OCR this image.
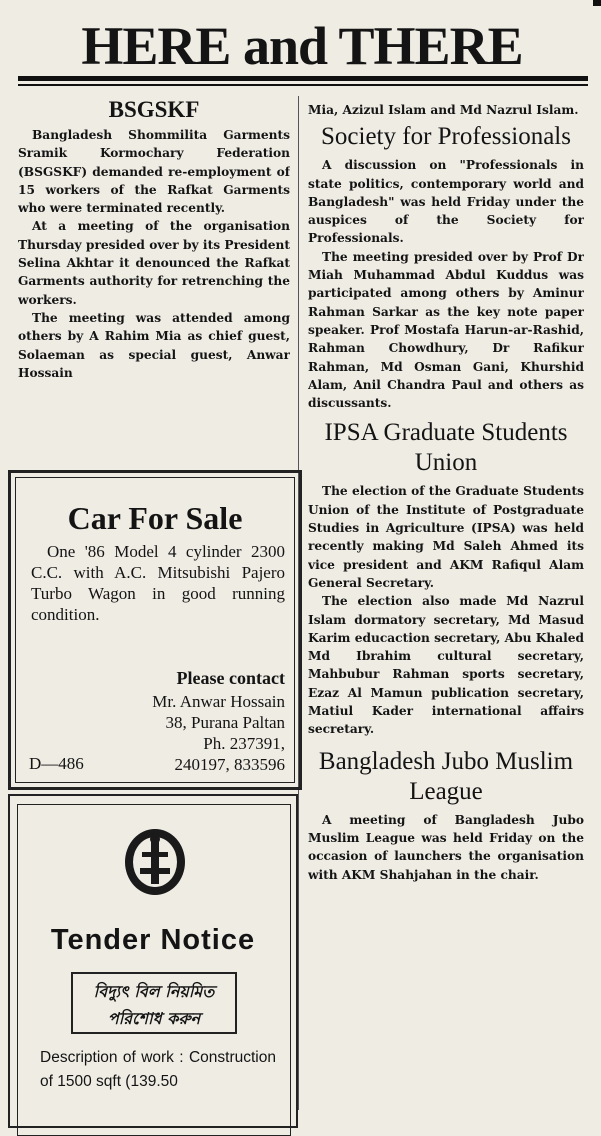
HERE and THERE
BSGSKF

Bangladesh Shommilita Garments Sramik Kormochary Federation (BSGSKF) demanded re-employment of 15 workers of the Rafkat Garments who were terminated recently.

At a meeting of the organisation Thursday presided over by its President Selina Akhtar it denounced the Rafkat Garments authority for retrenching the workers.

The meeting was attended among others by A Rahim Mia as chief guest, Solaeman as special guest, Anwar Hossain

Car For Sale
One '86 Model 4 cylinder 2300 C.C. with A.C. Mitsubishi Pajero Turbo Wagon in good running condition.
Please contact
Mr. Anwar Hossain
38, Purana Paltan
Ph. 237391,
240197, 833596
D—486
Tender Notice
বিদ্যুৎ বিল নিয়মিত
পরিশোধ করুন
Description of work : Construction of 1500 sqft (139.50

Mia, Azizul Islam and Md Nazrul Islam.

Society for Professionals

A discussion on "Professionals in state politics, contemporary world and Bangladesh" was held Friday under the auspices of the Society for Professionals.

The meeting presided over by Prof Dr Miah Muhammad Abdul Kuddus was participated among others by Aminur Rahman Sarkar as the key note paper speaker. Prof Mostafa Harun-ar-Rashid, Rahman Chowdhury, Dr Rafikur Rahman, Md Osman Gani, Khurshid Alam, Anil Chandra Paul and others as discussants.

IPSA Graduate Students Union

The election of the Graduate Students Union of the Institute of Postgraduate Studies in Agriculture (IPSA) was held recently making Md Saleh Ahmed its vice president and AKM Rafiqul Alam General Secretary.

The election also made Md Nazrul Islam dormatory secretary, Md Masud Karim educaction secretary, Abu Khaled Md Ibrahim cultural secretary, Mahbubur Rahman sports secretary, Ezaz Al Mamun publication secretary, Matiul Kader international affairs secretary.

Bangladesh Jubo Muslim League

A meeting of Bangladesh Jubo Muslim League was held Friday on the occasion of launchers the organisation with AKM Shahjahan in the chair.
